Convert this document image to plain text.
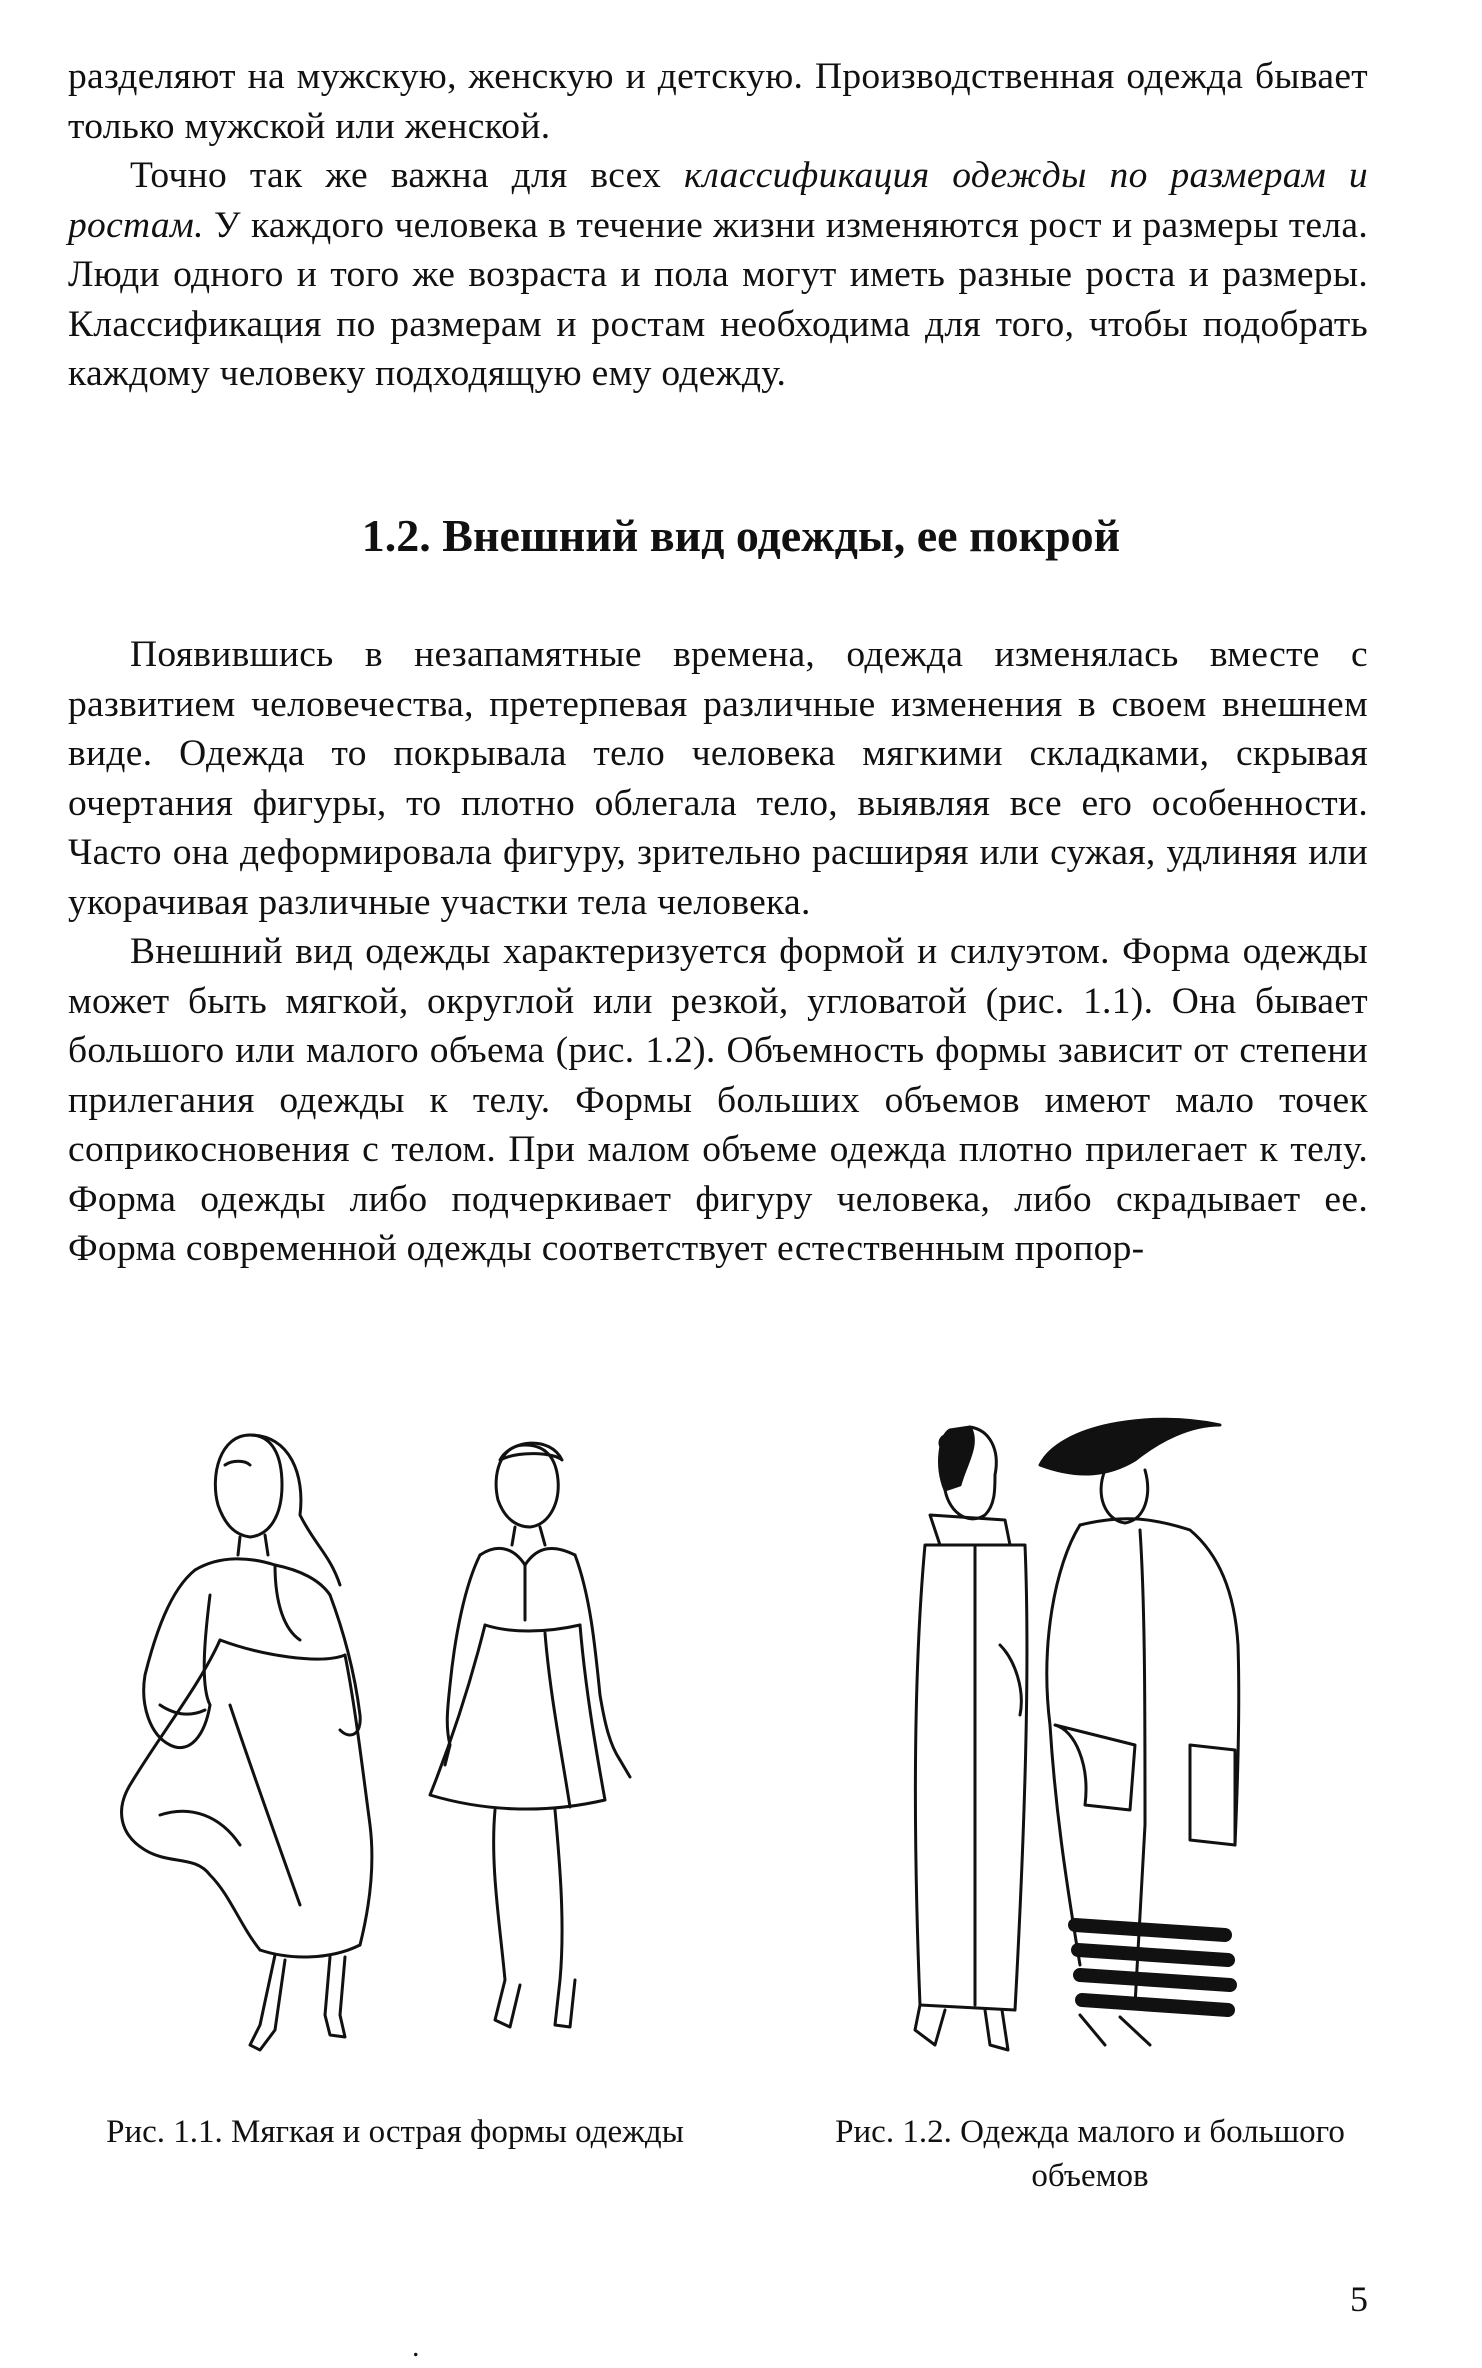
разделяют на мужскую, женскую и детскую. Производственная одежда бывает только мужской или женской.

Точно так же важна для всех классификация одежды по размерам и ростам. У каждого человека в течение жизни изменяются рост и размеры тела. Люди одного и того же возраста и пола могут иметь разные роста и размеры. Классификация по размерам и ростам необходима для того, чтобы подобрать каждому человеку подходящую ему одежду.

1.2. Внешний вид одежды, ее покрой

Появившись в незапамятные времена, одежда изменялась вместе с развитием человечества, претерпевая различные изменения в своем внешнем виде. Одежда то покрывала тело человека мягкими складками, скрывая очертания фигуры, то плотно облегала тело, выявляя все его особенности. Часто она деформировала фигуру, зрительно расширяя или сужая, удлиняя или укорачивая различные участки тела человека.

Внешний вид одежды характеризуется формой и силуэтом. Форма одежды может быть мягкой, округлой или резкой, угловатой (рис. 1.1). Она бывает большого или малого объема (рис. 1.2). Объемность формы зависит от степени прилегания одежды к телу. Формы больших объемов имеют мало точек соприкосновения с телом. При малом объеме одежда плотно прилегает к телу. Форма одежды либо подчеркивает фигуру человека, либо скрадывает ее. Форма современной одежды соответствует естественным пропор-

Рис. 1.1. Мягкая и острая формы одежды	Рис. 1.2. Одежда малого и большого объемов
5
.
